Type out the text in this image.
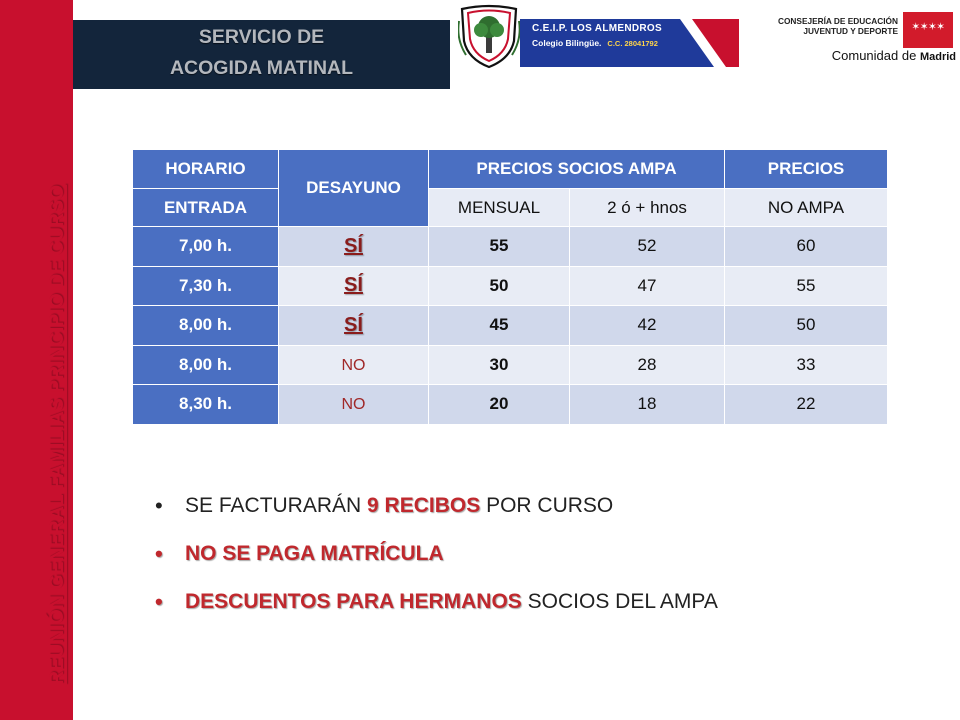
REUNIÓN GENERAL FAMILIAS PRINCIPIO DE CURSO
SERVICIO DE
ACOGIDA MATINAL
C.E.I.P. LOS ALMENDROS
Colegio Bilingüe. C.C. 28041792
CONSEJERÍA DE EDUCACIÓN
JUVENTUD Y DEPORTE	✶✶✶✶
Comunidad de Madrid
HORARIO	DESAYUNO	PRECIOS SOCIOS AMPA		PRECIOS
ENTRADA		MENSUAL	2 ó + hnos	NO AMPA
7,00 h.	SÍ	55	52	60
7,30 h.	SÍ	50	47	55
8,00 h.	SÍ	45	42	50
8,00 h.	NO	30	28	33
8,30 h.	NO	20	18	22
• SE FACTURARÁN 9 RECIBOS POR CURSO
• NO SE PAGA MATRÍCULA
• DESCUENTOS PARA HERMANOS SOCIOS DEL AMPA
